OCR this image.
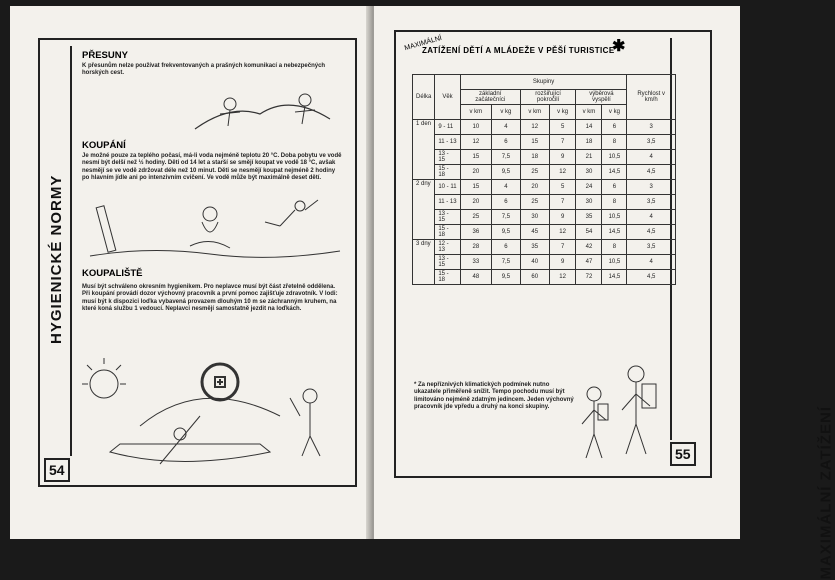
HYGIENICKÉ NORMY
54
PŘESUNY
K přesunům nelze používat frekventovaných a prašných komunikací a nebezpečných horských cest.
KOUPÁNÍ
Je možné pouze za teplého počasí, má-li voda nejméně teplotu 20 °C. Doba pobytu ve vodě nesmí být delší než ½ hodiny. Děti od 14 let a starší se smějí koupat ve vodě 18 °C, avšak nesmějí se ve vodě zdržovat déle než 10 minut. Děti se nesmějí koupat nejméně 2 hodiny po hlavním jídle ani po intenzivním cvičení. Ve vodě může být maximálně deset dětí.
KOUPALIŠTĚ
Musí být schváleno okresním hygienikem. Pro neplavce musí být část zřetelně oddělena. Při koupání provádí dozor výchovný pracovník a první pomoc zajišťuje zdravotník. V lodi: musí být k dispozici loďka vybavená provazem dlouhým 10 m se záchranným kruhem, na které koná službu 1 vedoucí. Neplavci nesmějí samostatně jezdit na loďkách.
MAXIMÁLNÍ ZATÍŽENÍ
55
MAXIMÁLNÍ
ZATÍŽENÍ DĚTÍ A MLÁDEŽE V PĚŠÍ TURISTICE
✱
Délka	Věk	Skupiny						Rychlost v km/h
		základní začátečníci		rozšiřující pokročilí		výběrová vyspělí		
		v km	v kg	v km	v kg	v km	v kg	
1 den	9 - 11	10	4	12	5	14	6	3
	11 - 13	12	6	15	7	18	8	3,5
	13 - 15	15	7,5	18	9	21	10,5	4
	15 - 18	20	9,5	25	12	30	14,5	4,5
2 dny	10 - 11	15	4	20	5	24	6	3
	11 - 13	20	6	25	7	30	8	3,5
	13 - 15	25	7,5	30	9	35	10,5	4
	15 - 18	36	9,5	45	12	54	14,5	4,5
3 dny	12 - 13	28	6	35	7	42	8	3,5
	13 - 15	33	7,5	40	9	47	10,5	4
	15 - 18	48	9,5	60	12	72	14,5	4,5
* Za nepříznivých klimatických podmínek nutno ukazatele přiměřeně snížit. Tempo pochodu musí být limitováno nejméně zdatným jedincem. Jeden výchovný pracovník jde vpředu a druhý na konci skupiny.
